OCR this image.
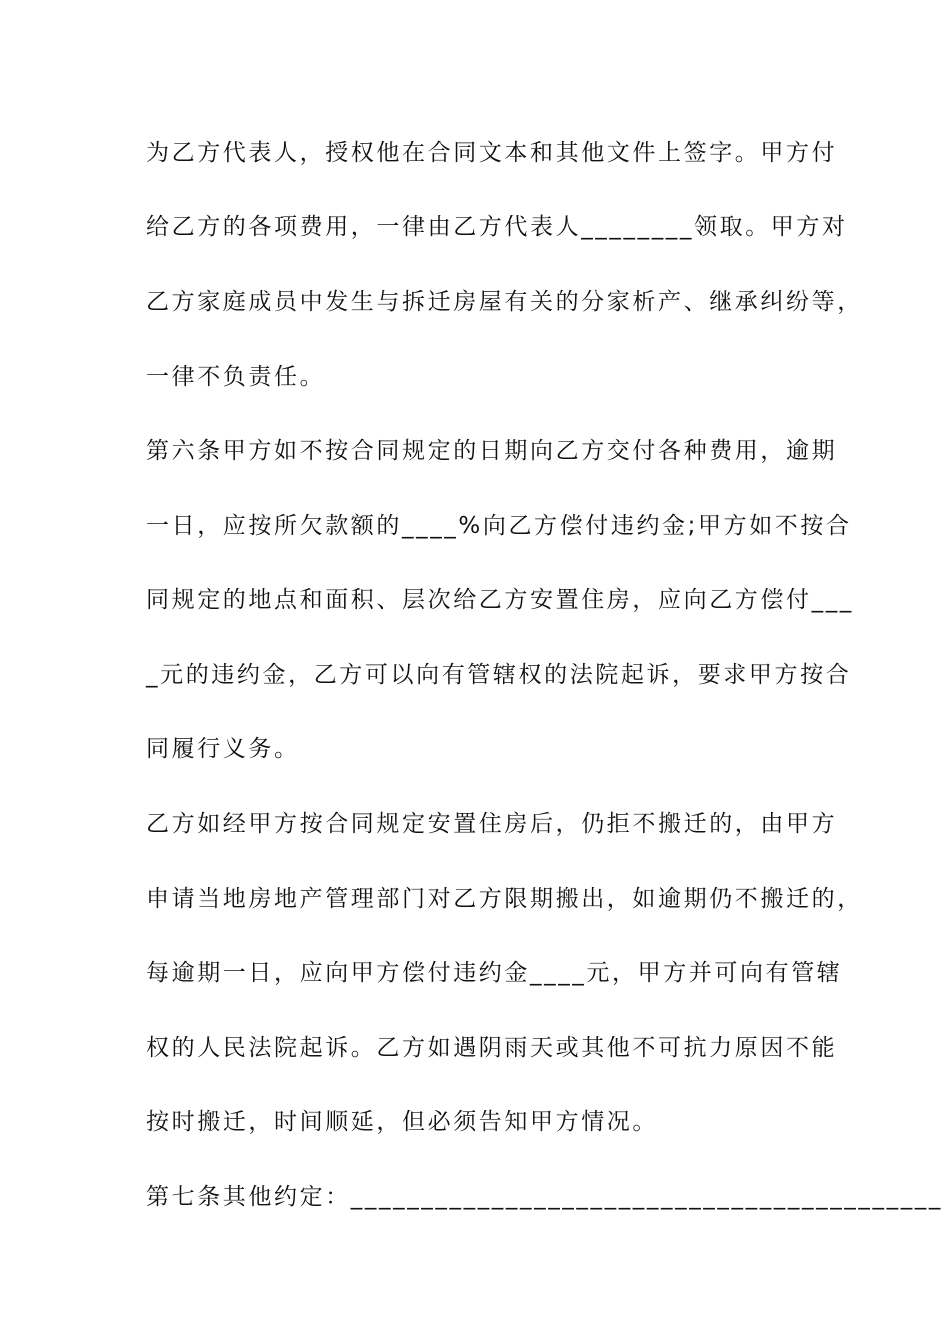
为乙方代表人，授权他在合同文本和其他文件上签字。甲方付
给乙方的各项费用，一律由乙方代表人________领取。甲方对
乙方家庭成员中发生与拆迁房屋有关的分家析产、继承纠纷等，
一律不负责任。
第六条甲方如不按合同规定的日期向乙方交付各种费用，逾期
一日，应按所欠款额的____%向乙方偿付违约金;甲方如不按合
同规定的地点和面积、层次给乙方安置住房，应向乙方偿付___
_元的违约金，乙方可以向有管辖权的法院起诉，要求甲方按合
同履行义务。
乙方如经甲方按合同规定安置住房后，仍拒不搬迁的，由甲方
申请当地房地产管理部门对乙方限期搬出，如逾期仍不搬迁的，
每逾期一日，应向甲方偿付违约金____元，甲方并可向有管辖
权的人民法院起诉。乙方如遇阴雨天或其他不可抗力原因不能
按时搬迁，时间顺延，但必须告知甲方情况。
第七条其他约定：__________________________________________
